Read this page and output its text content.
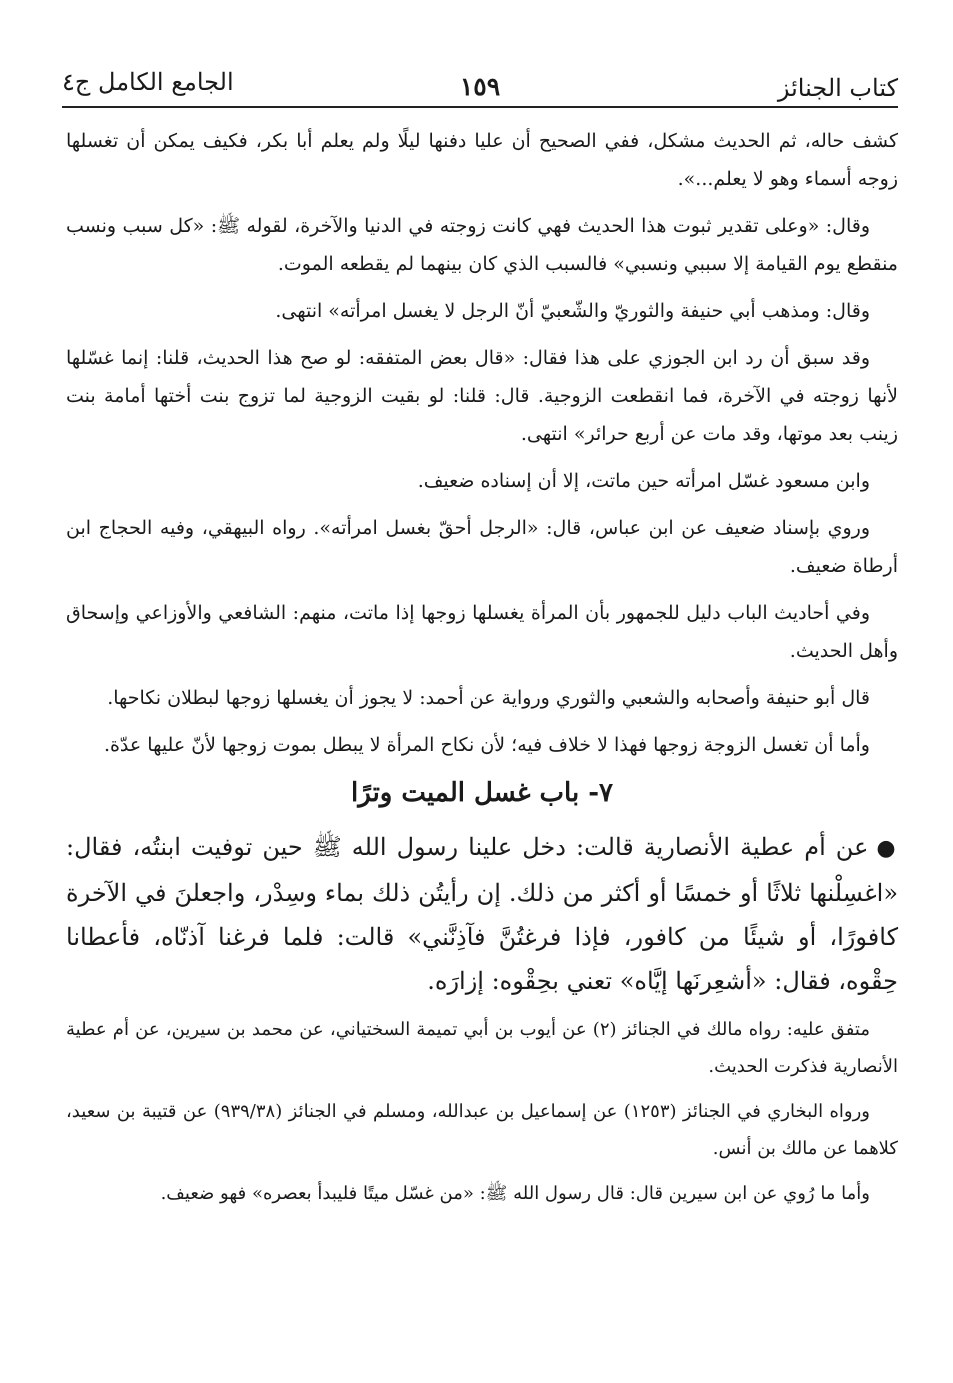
كتاب الجنائز
١٥٩
الجامع الكامل ج٤

كشف حاله، ثم الحديث مشكل، ففي الصحيح أن عليا دفنها ليلًا ولم يعلم أبا بكر، فكيف يمكن أن تغسلها زوجه أسماء وهو لا يعلم...».

وقال: «وعلى تقدير ثبوت هذا الحديث فهي كانت زوجته في الدنيا والآخرة، لقوله ﷺ: «كل سبب ونسب منقطع يوم القيامة إلا سببي ونسبي» فالسبب الذي كان بينهما لم يقطعه الموت.

وقال: ومذهب أبي حنيفة والثوريّ والشّعبيّ أنّ الرجل لا يغسل امرأته» انتهى.

وقد سبق أن رد ابن الجوزي على هذا فقال: «قال بعض المتفقه: لو صح هذا الحديث، قلنا: إنما غسّلها لأنها زوجته في الآخرة، فما انقطعت الزوجية. قال: قلنا: لو بقيت الزوجية لما تزوج بنت أختها أمامة بنت زينب بعد موتها، وقد مات عن أربع حرائر» انتهى.

وابن مسعود غسّل امرأته حين ماتت، إلا أن إسناده ضعيف.

وروي بإسناد ضعيف عن ابن عباس، قال: «الرجل أحقّ بغسل امرأته». رواه البيهقي، وفيه الحجاج ابن أرطاة ضعيف.

وفي أحاديث الباب دليل للجمهور بأن المرأة يغسلها زوجها إذا ماتت، منهم: الشافعي والأوزاعي وإسحاق وأهل الحديث.

قال أبو حنيفة وأصحابه والشعبي والثوري ورواية عن أحمد: لا يجوز أن يغسلها زوجها لبطلان نكاحها.

وأما أن تغسل الزوجة زوجها فهذا لا خلاف فيه؛ لأن نكاح المرأة لا يبطل بموت زوجها لأنّ عليها عدّة.

٧- باب غسل الميت وترًا

●عن أم عطية الأنصارية قالت: دخل علينا رسول الله ﷺ حين توفيت ابنتُه، فقال: «اغسِلْنها ثلاثًا أو خمسًا أو أكثر من ذلك. إن رأيتُن ذلك بماء وسِدْر، واجعلنَ في الآخرة كافورًا، أو شيئًا من كافور، فإذا فرغتُنَّ فآذِنَّني» قالت: فلما فرغنا آذنّاه، فأعطانا حِقْوه، فقال: «أشعِرنَها إيَّاه» تعني بحِقْوه: إزارَه.

متفق عليه: رواه مالك في الجنائز (٢) عن أيوب بن أبي تميمة السختياني، عن محمد بن سيرين، عن أم عطية الأنصارية فذكرت الحديث.

ورواه البخاري في الجنائز (١٢٥٣) عن إسماعيل بن عبدالله، ومسلم في الجنائز (٩٣٩/٣٨) عن قتيبة بن سعيد، كلاهما عن مالك بن أنس.

وأما ما رُوي عن ابن سيرين قال: قال رسول الله ﷺ: «من غسّل ميتًا فليبدأ بعصره» فهو ضعيف.
